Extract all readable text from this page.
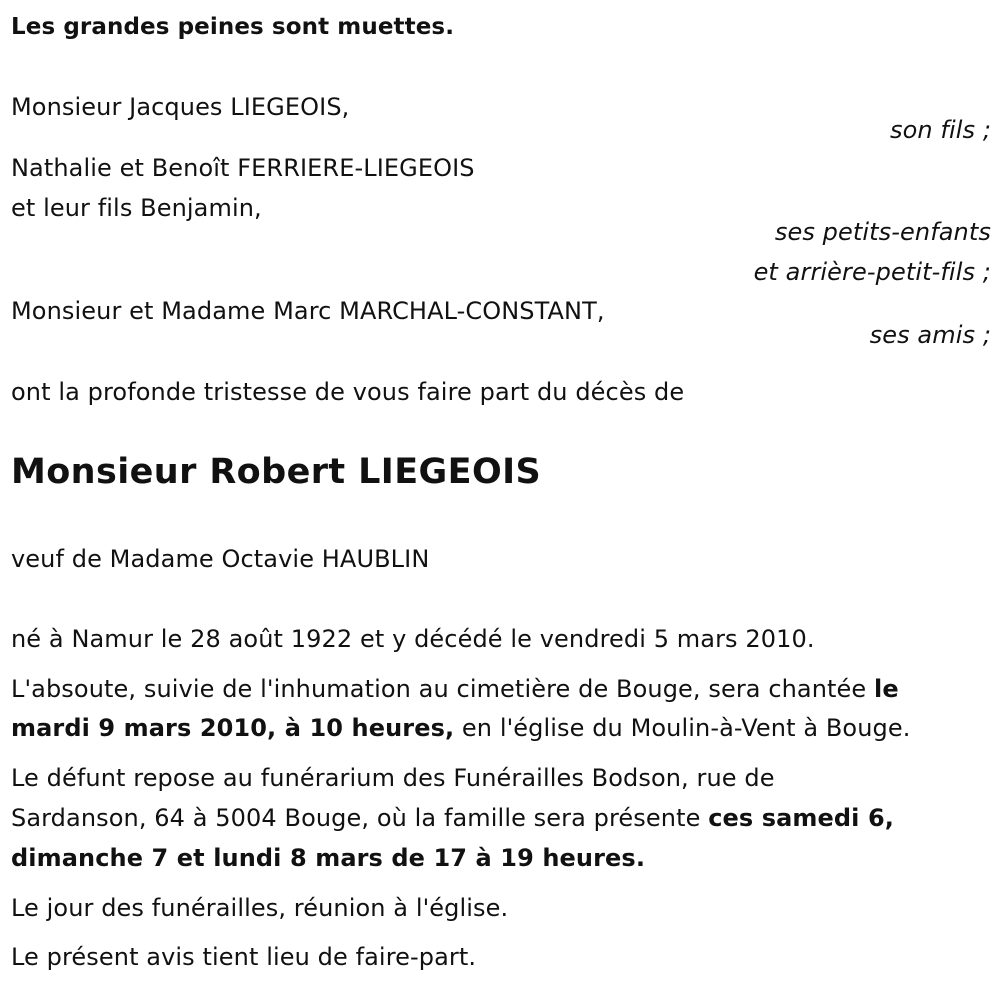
Les grandes peines sont muettes.
Monsieur Jacques LIEGEOIS,
son fils ;
Nathalie et Benoît FERRIERE-LIEGEOIS
et leur fils Benjamin,
ses petits-enfants
et arrière-petit-fils ;
Monsieur et Madame Marc MARCHAL-CONSTANT,
ses amis ;
ont la profonde tristesse de vous faire part du décès de
Monsieur Robert LIEGEOIS
veuf de Madame Octavie HAUBLIN
né à Namur le 28 août 1922 et y décédé le vendredi 5 mars 2010.
L'absoute, suivie de l'inhumation au cimetière de Bouge, sera chantée le
mardi 9 mars 2010, à 10 heures, en l'église du Moulin-à-Vent à Bouge.
Le défunt repose au funérarium des Funérailles Bodson, rue de
Sardanson, 64 à 5004 Bouge, où la famille sera présente ces samedi 6,
dimanche 7 et lundi 8 mars de 17 à 19 heures.
Le jour des funérailles, réunion à l'église.
Le présent avis tient lieu de faire-part.
